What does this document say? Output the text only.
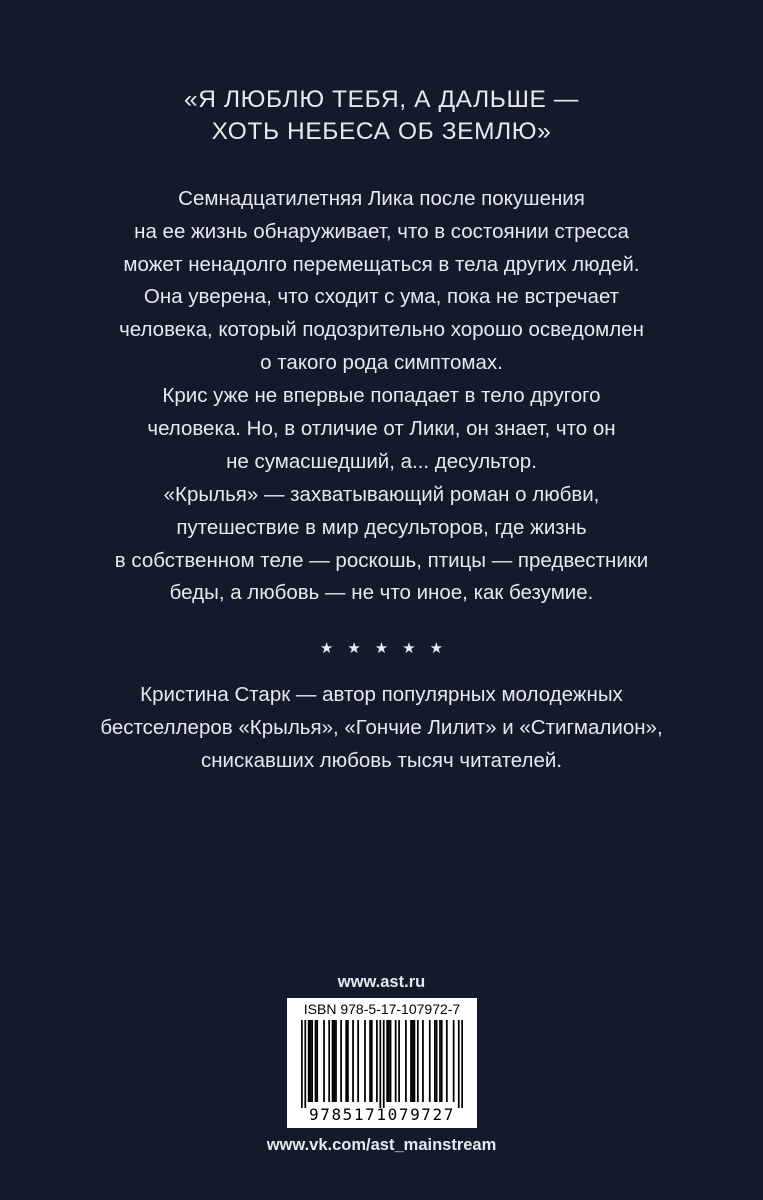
«Я ЛЮБЛЮ ТЕБЯ, А ДАЛЬШЕ —
ХОТЬ НЕБЕСА ОБ ЗЕМЛЮ»
Семнадцатилетняя Лика после покушения
на ее жизнь обнаруживает, что в состоянии стресса
может ненадолго перемещаться в тела других людей.
Она уверена, что сходит с ума, пока не встречает
человека, который подозрительно хорошо осведомлен
о такого рода симптомах.
Крис уже не впервые попадает в тело другого
человека. Но, в отличие от Лики, он знает, что он
не сумасшедший, а... десультор.
«Крылья» — захватывающий роман о любви,
путешествие в мир десульторов, где жизнь
в собственном теле — роскошь, птицы — предвестники
беды, а любовь — не что иное, как безумие.
★★★★★
Кристина Старк — автор популярных молодежных
бестселлеров «Крылья», «Гончие Лилит» и «Стигмалион»,
снискавших любовь тысяч читателей.
www.ast.ru
ISBN 978-5-17-107972-7
9785171079727
www.vk.com/ast_mainstream
